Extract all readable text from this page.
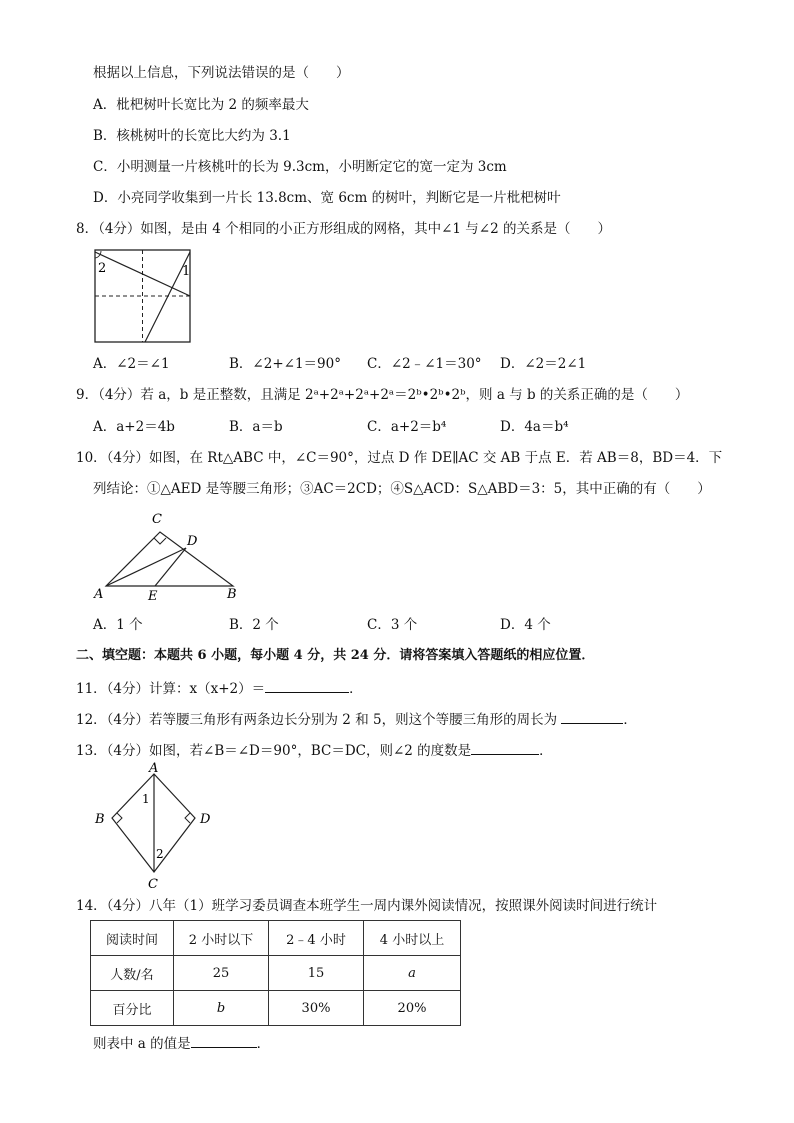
根据以上信息，下列说法错误的是（　　）
A．枇杷树叶长宽比为 2 的频率最大
B．核桃树叶的长宽比大约为 3.1
C．小明测量一片核桃叶的长为 9.3cm，小明断定它的宽一定为 3cm
D．小亮同学收集到一片长 13.8cm、宽 6cm 的树叶，判断它是一片枇杷树叶
8．（4分）如图，是由 4 个相同的小正方形组成的网格，其中∠1 与∠2 的关系是（　　）
2	1
A．∠2＝∠1	B．∠2+∠1＝90° C．∠2﹣∠1＝30° D．∠2＝2∠1
9．（4分）若 a，b 是正整数，且满足 2ᵃ+2ᵃ+2ᵃ+2ᵃ＝2ᵇ•2ᵇ•2ᵇ，则 a 与 b 的关系正确的是（　　）
A．a+2＝4b	B．a＝b	C．a+2＝b⁴	D．4a＝b⁴
10．（4分）如图，在 Rt△ABC 中，∠C＝90°，过点 D 作 DE∥AC 交 AB 于点 E．若 AB＝8，BD＝4．下
列结论：①△AED 是等腰三角形；③AC＝2CD；④S△ACD：S△ABD＝3：5，其中正确的有（　　）
C
D
A	E	B
A．1 个	B．2 个	C．3 个	D．4 个
二、填空题：本题共 6 小题，每小题 4 分，共 24 分．请将答案填入答题纸的相应位置．
11．（4分）计算：x（x+2）＝	．
12．（4分）若等腰三角形有两条边长分别为 2 和 5，则这个等腰三角形的周长为	．
13．（4分）如图，若∠B＝∠D＝90°，BC＝DC，则∠2 的度数是	．
A
1
B	D
2
C
14．（4分）八年（1）班学习委员调查本班学生一周内课外阅读情况，按照课外阅读时间进行统计
阅读时间	2 小时以下	2﹣4 小时	4 小时以上
人数/名	25	15	a
百分比	b	30%	20%
则表中 a 的值是	．
